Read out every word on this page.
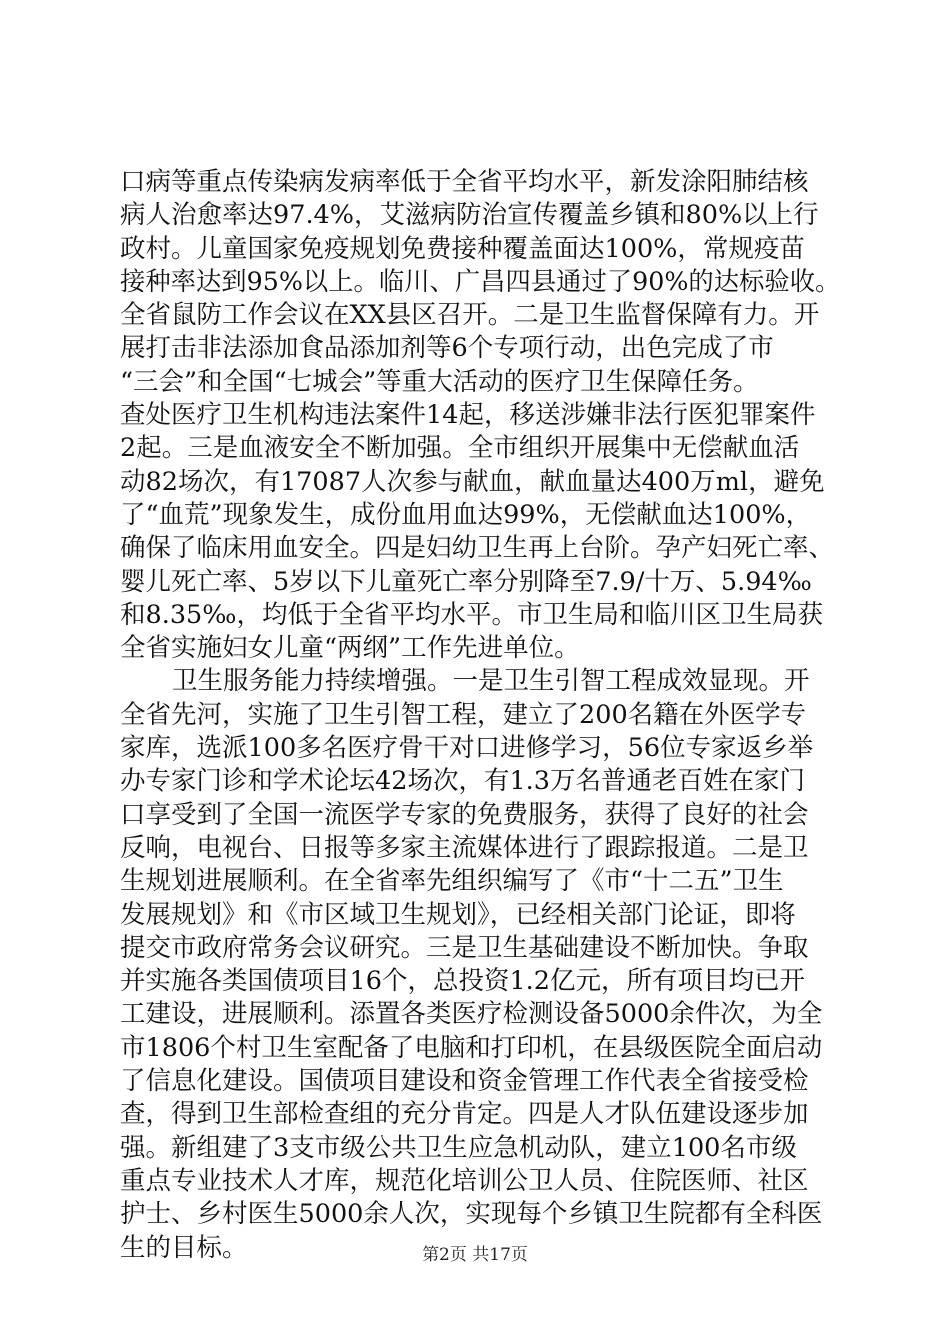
口病等重点传染病发病率低于全省平均水平，新发涂阳肺结核
病人治愈率达97.4%，艾滋病防治宣传覆盖乡镇和80%以上行
政村。儿童国家免疫规划免费接种覆盖面达100%，常规疫苗
接种率达到95%以上。临川、广昌四县通过了90%的达标验收。
全省鼠防工作会议在XX县区召开。二是卫生监督保障有力。开
展打击非法添加食品添加剂等6个专项行动，出色完成了市
“三会”和全国“七城会”等重大活动的医疗卫生保障任务。
查处医疗卫生机构违法案件14起，移送涉嫌非法行医犯罪案件
2起。三是血液安全不断加强。全市组织开展集中无偿献血活
动82场次，有17087人次参与献血，献血量达400万ml，避免
了“血荒”现象发生，成份血用血达99%，无偿献血达100%，
确保了临床用血安全。四是妇幼卫生再上台阶。孕产妇死亡率、
婴儿死亡率、5岁以下儿童死亡率分别降至7.9/十万、5.94‰
和8.35‰，均低于全省平均水平。市卫生局和临川区卫生局获
全省实施妇女儿童“两纲”工作先进单位。
卫生服务能力持续增强。一是卫生引智工程成效显现。开
全省先河，实施了卫生引智工程，建立了200名籍在外医学专
家库，选派100多名医疗骨干对口进修学习，56位专家返乡举
办专家门诊和学术论坛42场次，有1.3万名普通老百姓在家门
口享受到了全国一流医学专家的免费服务，获得了良好的社会
反响，电视台、日报等多家主流媒体进行了跟踪报道。二是卫
生规划进展顺利。在全省率先组织编写了《市“十二五”卫生
发展规划》和《市区域卫生规划》，已经相关部门论证，即将
提交市政府常务会议研究。三是卫生基础建设不断加快。争取
并实施各类国债项目16个，总投资1.2亿元，所有项目均已开
工建设，进展顺利。添置各类医疗检测设备5000余件次，为全
市1806个村卫生室配备了电脑和打印机，在县级医院全面启动
了信息化建设。国债项目建设和资金管理工作代表全省接受检
查，得到卫生部检查组的充分肯定。四是人才队伍建设逐步加
强。新组建了3支市级公共卫生应急机动队，建立100名市级
重点专业技术人才库，规范化培训公卫人员、住院医师、社区
护士、乡村医生5000余人次，实现每个乡镇卫生院都有全科医
生的目标。	第2页 共17页
